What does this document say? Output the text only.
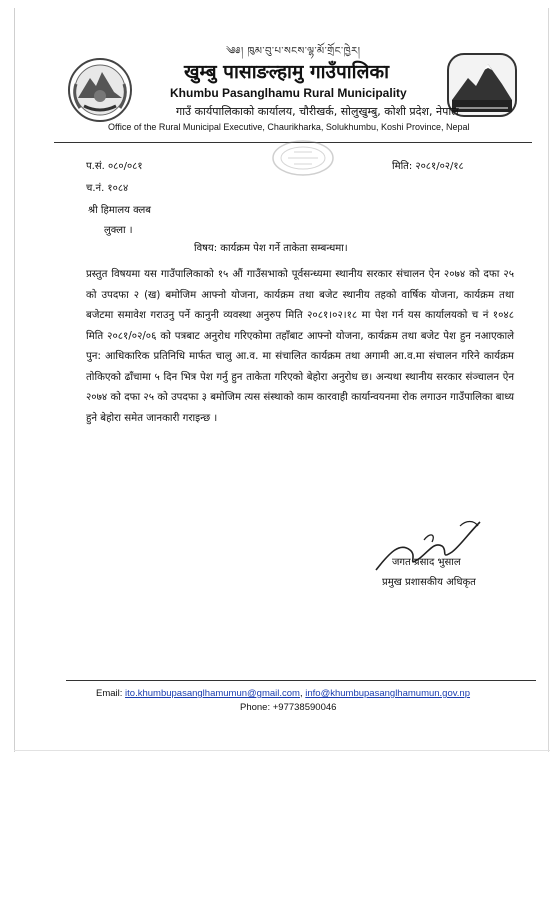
༄༅། ཁུམ་བུ་པ་སངས་ལྷ་མོ་གྲོང་ཁྱེར།
खुम्बु पासाङल्हामु गाउँपालिका
Khumbu Pasanglhamu Rural Municipality
गाउँ कार्यपालिकाको कार्यालय, चौरीखर्क, सोलुखुम्बु, कोशी प्रदेश, नेपाल
Office of the Rural Municipal Executive, Chaurikharka, Solukhumbu, Koshi Province, Nepal
प.सं. ०८०/०८१
च.नं. १०८४
मिति: २०८१/०२/१८
श्री हिमालय क्लब
लुक्ला ।
विषय: कार्यक्रम पेश गर्ने ताकेता सम्बन्धमा।
प्रस्तुत विषयमा यस गाउँपालिकाको १५ औं गाउँसभाको पूर्वसन्ध्यमा स्थानीय सरकार संचालन ऐन २०७४ को दफा २५ को उपदफा २ (ख) बमोजिम आफ्नो योजना, कार्यक्रम तथा बजेट स्थानीय तहको वार्षिक योजना, कार्यक्रम तथा बजेटमा समावेश गराउनु पर्ने कानुनी व्यवस्था अनुरुप मिति २०८१।०२।१८ मा पेश गर्न यस कार्यालयको च नं १०४८ मिति २०८१/०२/०६ को पत्रबाट अनुरोध गरिएकोमा तहाँबाट आफ्नो योजना, कार्यक्रम तथा बजेट पेश हुन नआएकाले पुन: आधिकारिक प्रतिनिधि मार्फत चालु आ.व. मा संचालित कार्यक्रम तथा अगामी आ.व.मा संचालन गरिने कार्यक्रम तोकिएको ढाँचामा ५ दिन भित्र पेश गर्नु हुन ताकेता गरिएको बेहोरा अनुरोध छ। अन्यथा स्थानीय सरकार संञ्चालन ऐन २०७४ को दफा २५ को उपदफा ३ बमोजिम त्यस संस्थाको काम कारवाही कार्यान्वयनमा रोक लगाउन गाउँपालिका बाध्य हुने बेहोरा समेत जानकारी गराइन्छ ।
जगत प्रसाद भुसाल
प्रमुख प्रशासकीय अधिकृत
Email: ito.khumbupasanglhamumun@gmail.com, info@khumbupasanglhamumun.gov.np
Phone: +97738590046
